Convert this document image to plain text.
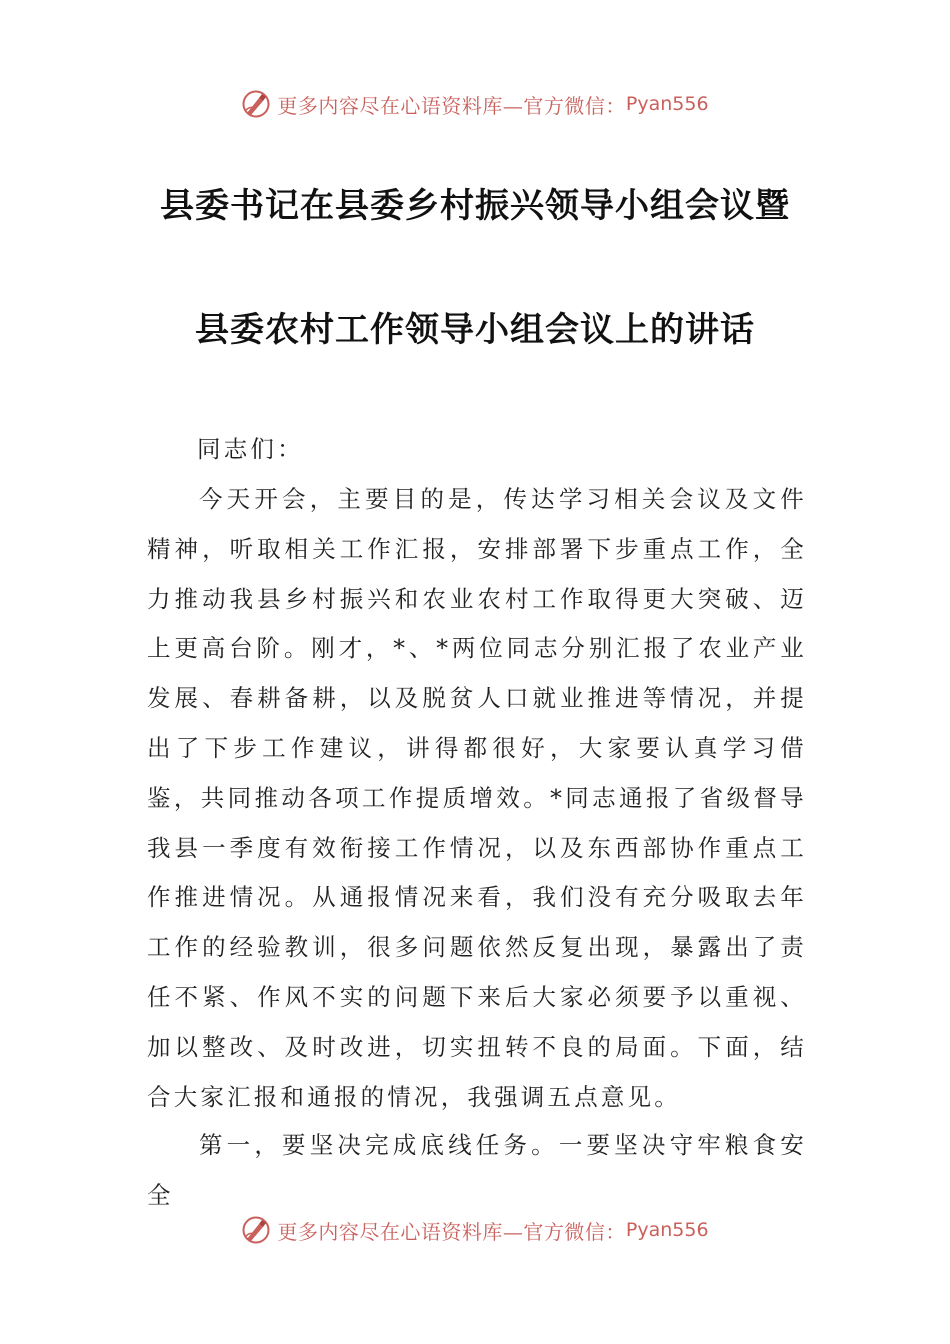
更多内容尽在心语资料库—官方微信： Pyan556
县委书记在县委乡村振兴领导小组会议暨
县委农村工作领导小组会议上的讲话
同志们：

今天开会，主要目的是，传达学习相关会议及文件精神，听取相关工作汇报，安排部署下步重点工作，全力推动我县乡村振兴和农业农村工作取得更大突破、迈上更高台阶。刚才，*、*两位同志分别汇报了农业产业发展、春耕备耕，以及脱贫人口就业推进等情况，并提出了下步工作建议，讲得都很好，大家要认真学习借鉴，共同推动各项工作提质增效。*同志通报了省级督导我县一季度有效衔接工作情况，以及东西部协作重点工作推进情况。从通报情况来看，我们没有充分吸取去年工作的经验教训，很多问题依然反复出现，暴露出了责任不紧、作风不实的问题下来后大家必须要予以重视、加以整改、及时改进，切实扭转不良的局面。下面，结合大家汇报和通报的情况，我强调五点意见。

第一，要坚决完成底线任务。一要坚决守牢粮食安全

更多内容尽在心语资料库—官方微信： Pyan556
